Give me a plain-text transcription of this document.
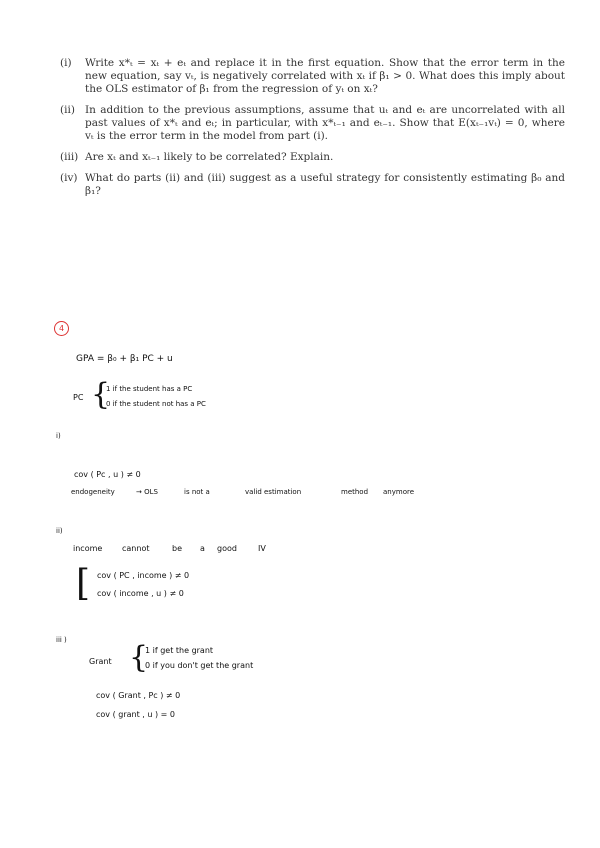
(i)	Write x*ₜ = xₜ + eₜ and replace it in the first equation. Show that the error term in the new equation, say vₜ, is negatively correlated with xₜ if β₁ > 0. What does this imply about the OLS estimator of β₁ from the regression of yₜ on xₜ?
(ii) In addition to the previous assumptions, assume that uₜ and eₜ are uncorrelated with all past values of x*ₜ and eₜ; in particular, with x*ₜ₋₁ and eₜ₋₁. Show that E(xₜ₋₁vₜ) = 0, where vₜ is the error term in the model from part (i).
(iii) Are xₜ and xₜ₋₁ likely to be correlated? Explain.
(iv) What do parts (ii) and (iii) suggest as a useful strategy for consistently estimating β₀ and β₁?
4
GPA = β₀ + β₁ PC + u
PC {
1 if the student has a PC
0 if the student not has a PC
i)
cov ( Pc , u ) ≠ 0
endogeneity	→ OLS	is not a	valid estimation	method anymore
ii)
income cannot	be a good	IV
[ cov ( PC , income ) ≠ 0
cov ( income , u ) ≠ 0
iii )
Grant {
1 if get the grant
0 if you don't get the grant
cov ( Grant , Pc ) ≠ 0
cov ( grant , u ) = 0
